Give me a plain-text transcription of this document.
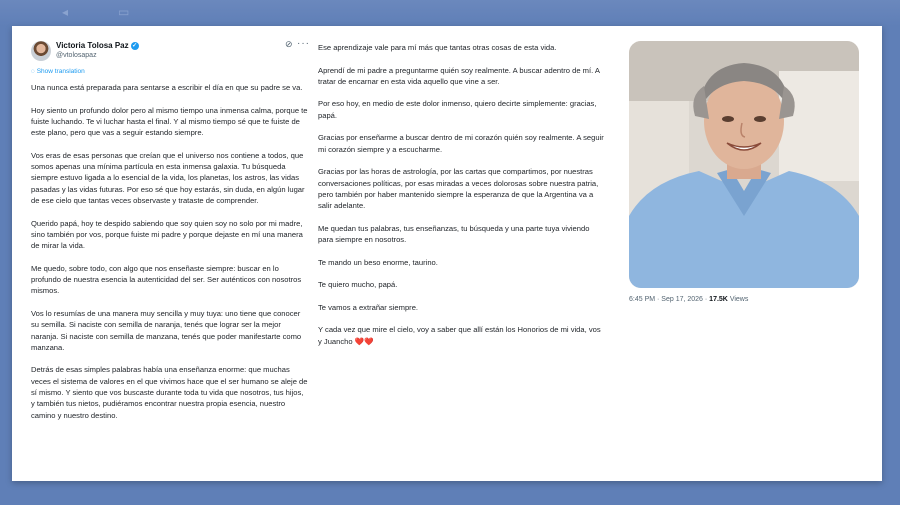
◂	▭
Victoria Tolosa Paz ✓
@vtolosapaz
◌ Show translation
⊘ ···

Una nunca está preparada para sentarse a escribir el día en que su padre se va.

Hoy siento un profundo dolor pero al mismo tiempo una inmensa calma, porque te fuiste luchando. Te vi luchar hasta el final. Y al mismo tiempo sé que te fuiste de este plano, pero que vas a seguir estando siempre.

Vos eras de esas personas que creían que el universo nos contiene a todos, que somos apenas una mínima partícula en esta inmensa galaxia. Tu búsqueda siempre estuvo ligada a lo esencial de la vida, los planetas, los astros, las vidas pasadas y las vidas futuras. Por eso sé que hoy estarás, sin duda, en algún lugar de ese cielo que tantas veces observaste y trataste de comprender.

Querido papá, hoy te despido sabiendo que soy quien soy no solo por mi madre, sino también por vos, porque fuiste mi padre y porque dejaste en mí una manera de mirar la vida.

Me quedo, sobre todo, con algo que nos enseñaste siempre: buscar en lo profundo de nuestra esencia la autenticidad del ser. Ser auténticos con nosotros mismos.

Vos lo resumías de una manera muy sencilla y muy tuya: uno tiene que conocer su semilla. Si naciste con semilla de naranja, tenés que lograr ser la mejor naranja. Si naciste con semilla de manzana, tenés que poder manifestarte como manzana.

Detrás de esas simples palabras había una enseñanza enorme: que muchas veces el sistema de valores en el que vivimos hace que el ser humano se aleje de sí mismo. Y siento que vos buscaste durante toda tu vida que nosotros, tus hijos, y también tus nietos, pudiéramos encontrar nuestra propia esencia, nuestro camino y nuestro destino.

Ese aprendizaje vale para mí más que tantas otras cosas de esta vida.

Aprendí de mi padre a preguntarme quién soy realmente. A buscar adentro de mí. A tratar de encarnar en esta vida aquello que vine a ser.

Por eso hoy, en medio de este dolor inmenso, quiero decirte simplemente: gracias, papá.

Gracias por enseñarme a buscar dentro de mi corazón quién soy realmente. A seguir mi corazón siempre y a escucharme.

Gracias por las horas de astrología, por las cartas que compartimos, por nuestras conversaciones políticas, por esas miradas a veces dolorosas sobre nuestra patria, pero también por haber mantenido siempre la esperanza de que la Argentina va a salir adelante.

Me quedan tus palabras, tus enseñanzas, tu búsqueda y una parte tuya viviendo para siempre en nosotros.

Te mando un beso enorme, taurino.

Te quiero mucho, papá.

Te vamos a extrañar siempre.

Y cada vez que mire el cielo, voy a saber que allí están los Honorios de mi vida, vos y Juancho ❤️❤️

6:45 PM · Sep 17, 2026 · 17.5K Views
